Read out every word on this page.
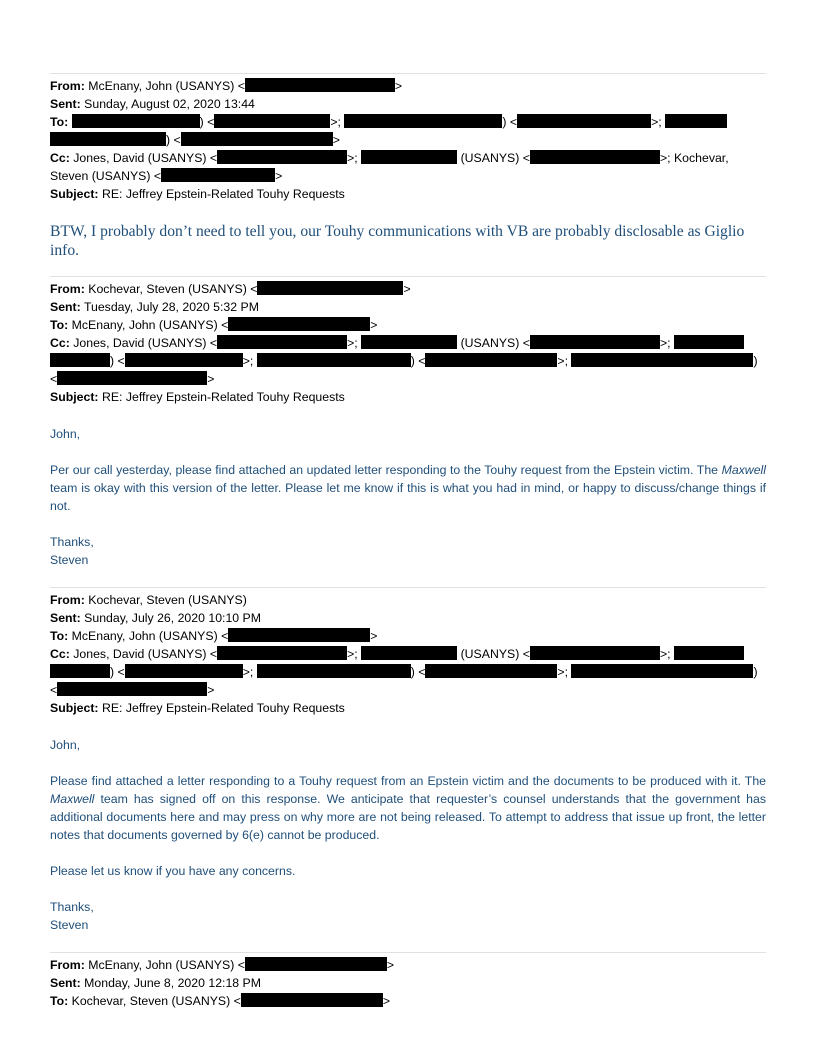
From: McEnany, John (USANYS) <	>
Sent: Sunday, August 02, 2020 13:44
To:	) <	>;	) <	>;
) <	>
Cc: Jones, David (USANYS) <	>;	(USANYS) <	>; Kochevar,
Steven (USANYS) <	>
Subject: RE: Jeffrey Epstein-Related Touhy Requests

BTW, I probably don’t need to tell you, our Touhy communications with VB are probably disclosable as Giglio info.

From: Kochevar, Steven (USANYS) <	>
Sent: Tuesday, July 28, 2020 5:32 PM
To: McEnany, John (USANYS) <	>
Cc: Jones, David (USANYS) <	>;	(USANYS) <	>;
) <	>;	) <	>;	)
<	>
Subject: RE: Jeffrey Epstein-Related Touhy Requests

John,

Per our call yesterday, please find attached an updated letter responding to the Touhy request from the Epstein victim. The Maxwell team is okay with this version of the letter. Please let me know if this is what you had in mind, or happy to discuss/change things if not.

Thanks,

Steven

From: Kochevar, Steven (USANYS)
Sent: Sunday, July 26, 2020 10:10 PM
To: McEnany, John (USANYS) <	>
Cc: Jones, David (USANYS) <	>;	(USANYS) <	>;
) <	>;	) <	>;	)
<	>
Subject: RE: Jeffrey Epstein-Related Touhy Requests

John,

Please find attached a letter responding to a Touhy request from an Epstein victim and the documents to be produced with it. The Maxwell team has signed off on this response. We anticipate that requester’s counsel understands that the government has additional documents here and may press on why more are not being released. To attempt to address that issue up front, the letter notes that documents governed by 6(e) cannot be produced.

Please let us know if you have any concerns.

Thanks,

Steven

From: McEnany, John (USANYS) <	>
Sent: Monday, June 8, 2020 12:18 PM
To: Kochevar, Steven (USANYS) <	>
